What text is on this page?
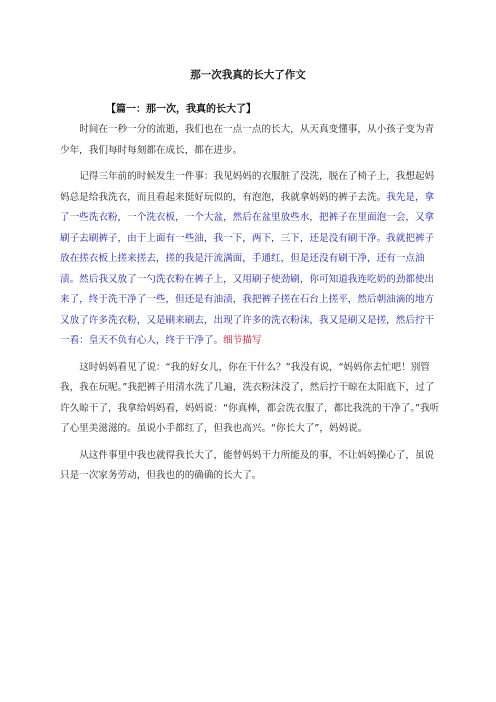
那一次我真的长大了作文
【篇一：那一次，我真的长大了】

时间在一秒一分的流逝，我们也在一点一点的长大，从天真变懂事，从小孩子变为青少年，我们每时每刻都在成长，都在进步。

记得三年前的时候发生一件事：我见妈妈的衣服脏了没洗，脱在了椅子上，我想起妈妈总是给我洗衣，而且看起来挺好玩似的，有泡泡，我就拿妈妈的裤子去洗。我先是，拿了一些洗衣粉，一个洗衣板，一个大盆，然后在盆里放些水，把裤子在里面泡一会，又拿刷子去刷裤子，由于上面有一些油，我一下，两下，三下，还是没有刷干净。我就把裤子放在搓衣板上搓来搓去，搓的我是汗流满面，手通红，但是还没有刷干净，还有一点油渍。然后我又放了一勺洗衣粉在裤子上，又用刷子使劲刷，你可知道我连吃奶的劲都使出来了，终于洗干净了一些，但还是有油渍，我把裤子搓在石台上搓平，然后朝油滴的地方又放了许多洗衣粉，又是刷来刷去，出现了许多的洗衣粉沫，我又是刷又是搓，然后拧干一看：皇天不负有心人，终于干净了。细节描写

这时妈妈看见了说：“我的好女儿，你在干什么？”我没有说，“妈妈你去忙吧！别管我，我在玩呢。”我把裤子用清水洗了几遍，洗衣粉沫没了，然后拧干晾在太阳底下，过了许久晾干了，我拿给妈妈看，妈妈说：“你真棒，都会洗衣服了，都比我洗的干净了。”我听了心里美滋滋的。虽说小手都红了，但我也高兴。“你长大了”，妈妈说。

从这件事里中我也就得我长大了，能替妈妈干力所能及的事，不让妈妈操心了，虽说只是一次家务劳动，但我也的的确确的长大了。
